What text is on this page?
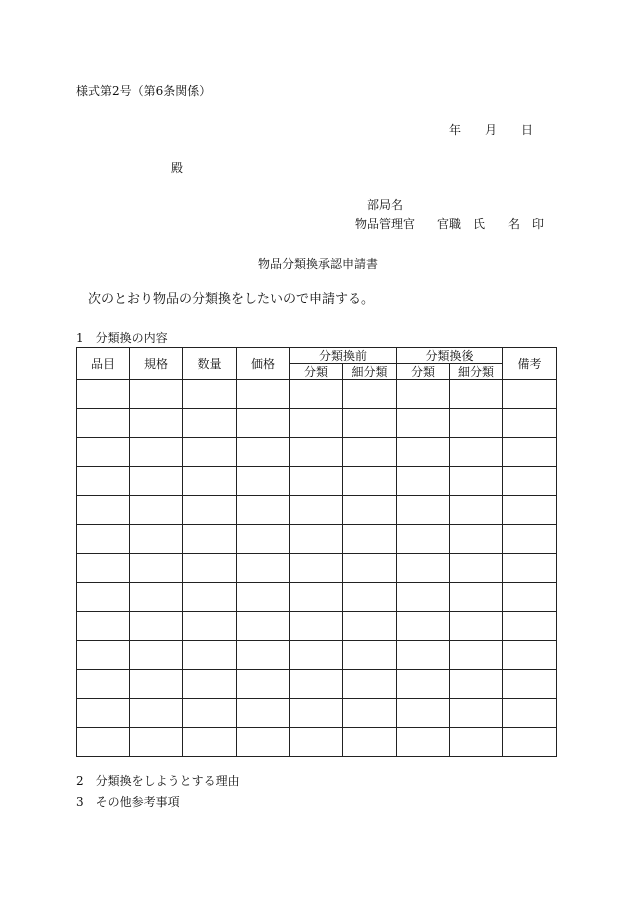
様式第2号（第6条関係）
年 月 日
殿
部局名
物品管理官 官職 氏 名 印
物品分類換承認申請書
次のとおり物品の分類換をしたいので申請する。
1　分類換の内容
品目	規格	数量	価格	分類換前		分類換後		備考
				分類	細分類	分類	細分類	

2　分類換をしようとする理由
3　その他参考事項
